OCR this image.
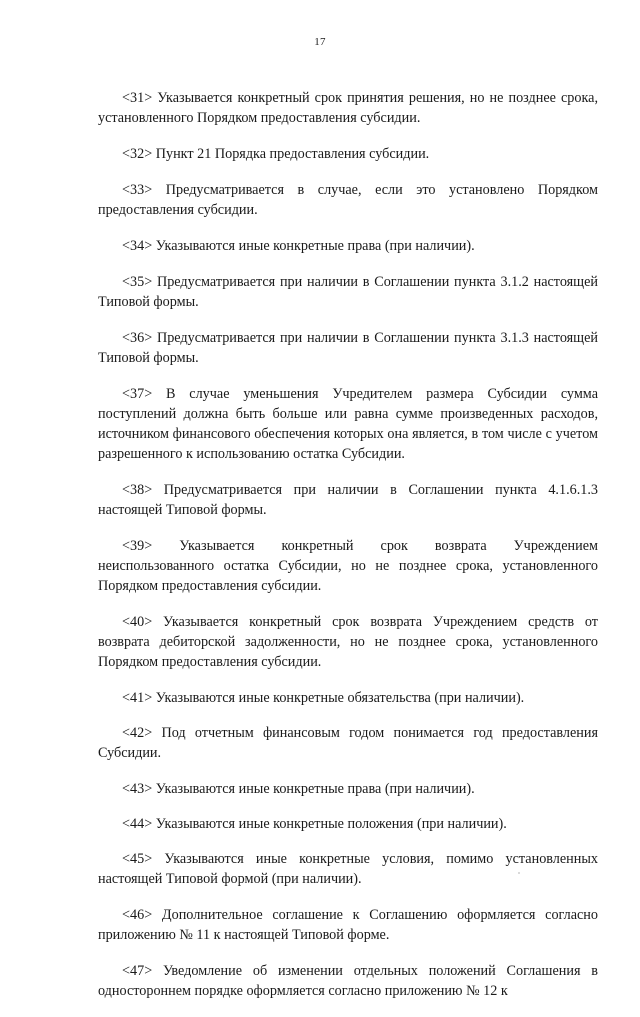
17

<31> Указывается конкретный срок принятия решения, но не позднее срока, установленного Порядком предоставления субсидии.

<32> Пункт 21 Порядка предоставления субсидии.

<33> Предусматривается в случае, если это установлено Порядком предоставления субсидии.

<34> Указываются иные конкретные права (при наличии).

<35> Предусматривается при наличии в Соглашении пункта 3.1.2 настоящей Типовой формы.

<36> Предусматривается при наличии в Соглашении пункта 3.1.3 настоящей Типовой формы.

<37> В случае уменьшения Учредителем размера Субсидии сумма поступлений должна быть больше или равна сумме произведенных расходов, источником финансового обеспечения которых она является, в том числе с учетом разрешенного к использованию остатка Субсидии.

<38> Предусматривается при наличии в Соглашении пункта 4.1.6.1.3 настоящей Типовой формы.

<39> Указывается конкретный срок возврата Учреждением неиспользованного остатка Субсидии, но не позднее срока, установленного Порядком предоставления субсидии.

<40> Указывается конкретный срок возврата Учреждением средств от возврата дебиторской задолженности, но не позднее срока, установленного Порядком предоставления субсидии.

<41> Указываются иные конкретные обязательства (при наличии).

<42> Под отчетным финансовым годом понимается год предоставления Субсидии.

<43> Указываются иные конкретные права (при наличии).

<44> Указываются иные конкретные положения (при наличии).

<45> Указываются иные конкретные условия, помимо установленных настоящей Типовой формой (при наличии).

<46> Дополнительное соглашение к Соглашению оформляется согласно приложению № 11 к настоящей Типовой форме.

<47> Уведомление об изменении отдельных положений Соглашения в одностороннем порядке оформляется согласно приложению № 12 к
